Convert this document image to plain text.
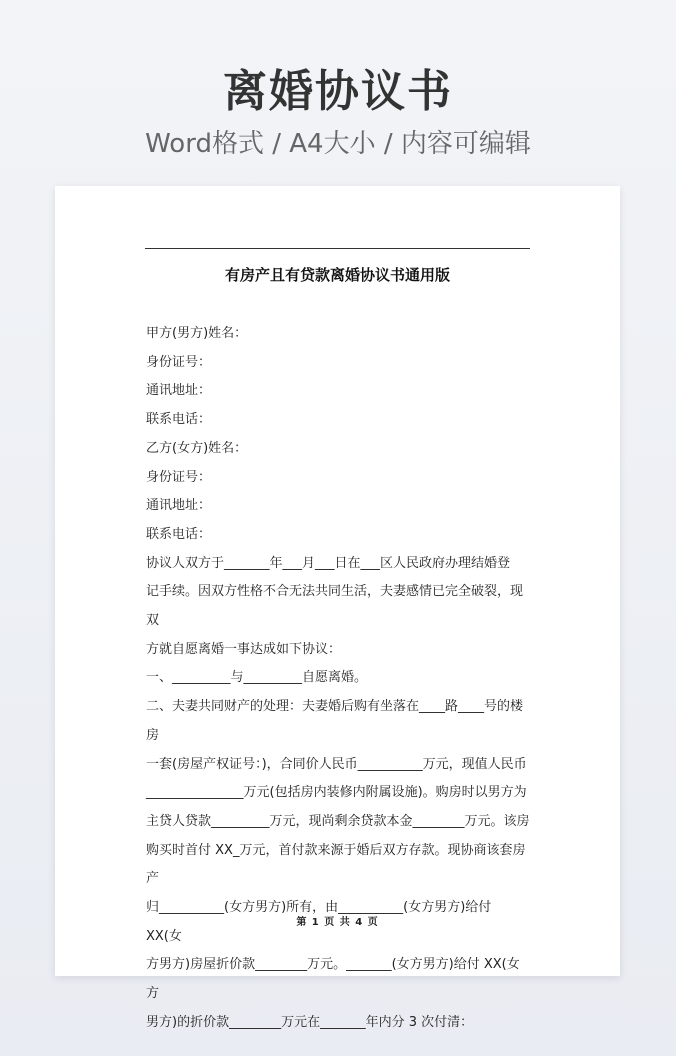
离婚协议书
Word格式 / A4大小 / 内容可编辑
有房产且有贷款离婚协议书通用版

甲方(男方)姓名：

身份证号：

通讯地址：

联系电话：

乙方(女方)姓名：

身份证号：

通讯地址：

联系电话：

协议人双方于_______年___月___日在___区人民政府办理结婚登

记手续。因双方性格不合无法共同生活，夫妻感情已完全破裂，现双

方就自愿离婚一事达成如下协议：

一、_________与_________自愿离婚。

二、夫妻共同财产的处理：夫妻婚后购有坐落在____路____号的楼房

一套(房屋产权证号：)，合同价人民币__________万元，现值人民币

_______________万元(包括房内装修内附属设施)。购房时以男方为

主贷人贷款_________万元，现尚剩余贷款本金________万元。该房

购买时首付 XX_万元，首付款来源于婚后双方存款。现协商该套房产

归__________(女方男方)所有，由__________(女方男方)给付 XX(女

方男方)房屋折价款________万元。_______(女方男方)给付 XX(女方

男方)的折价款________万元在_______年内分 3 次付清：

第 1 页 共 4 页
